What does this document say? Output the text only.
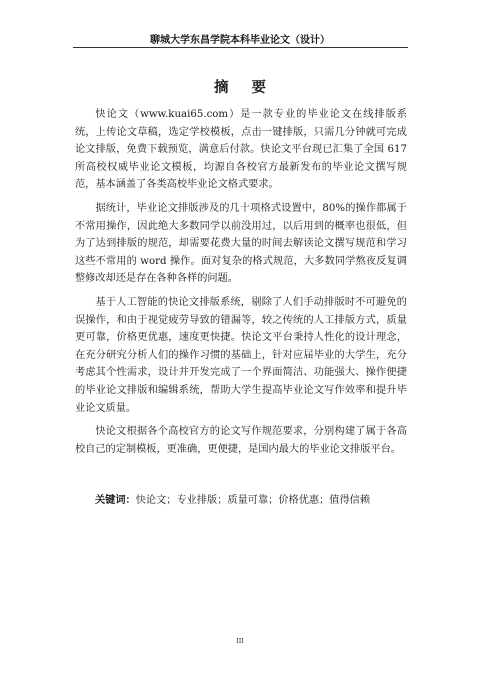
聊城大学东昌学院本科毕业论文（设计）
摘 要

快论文（www.kuai65.com）是一款专业的毕业论文在线排版系统，上传论文草稿，选定学校模板，点击一键排版，只需几分钟就可完成论文排版，免费下载预览，满意后付款。快论文平台现已汇集了全国 617 所高校权威毕业论文模板，均源自各校官方最新发布的毕业论文撰写规范，基本涵盖了各类高校毕业论文格式要求。

据统计，毕业论文排版涉及的几十项格式设置中，80%的操作都属于不常用操作，因此绝大多数同学以前没用过，以后用到的概率也很低，但为了达到排版的规范，却需要花费大量的时间去解读论文撰写规范和学习这些不常用的 word 操作。面对复杂的格式规范，大多数同学熬夜反复调整修改却还是存在各种各样的问题。

基于人工智能的快论文排版系统，剔除了人们手动排版时不可避免的误操作，和由于视觉疲劳导致的错漏等，较之传统的人工排版方式，质量更可靠，价格更优惠，速度更快捷。快论文平台秉持人性化的设计理念，在充分研究分析人们的操作习惯的基础上，针对应届毕业的大学生，充分考虑其个性需求，设计并开发完成了一个界面简洁、功能强大、操作便捷的毕业论文排版和编辑系统，帮助大学生提高毕业论文写作效率和提升毕业论文质量。

快论文根据各个高校官方的论文写作规范要求，分别构建了属于各高校自己的定制模板，更准确，更便捷，是国内最大的毕业论文排版平台。

关键词：快论文；专业排版；质量可靠；价格优惠；值得信赖
III
